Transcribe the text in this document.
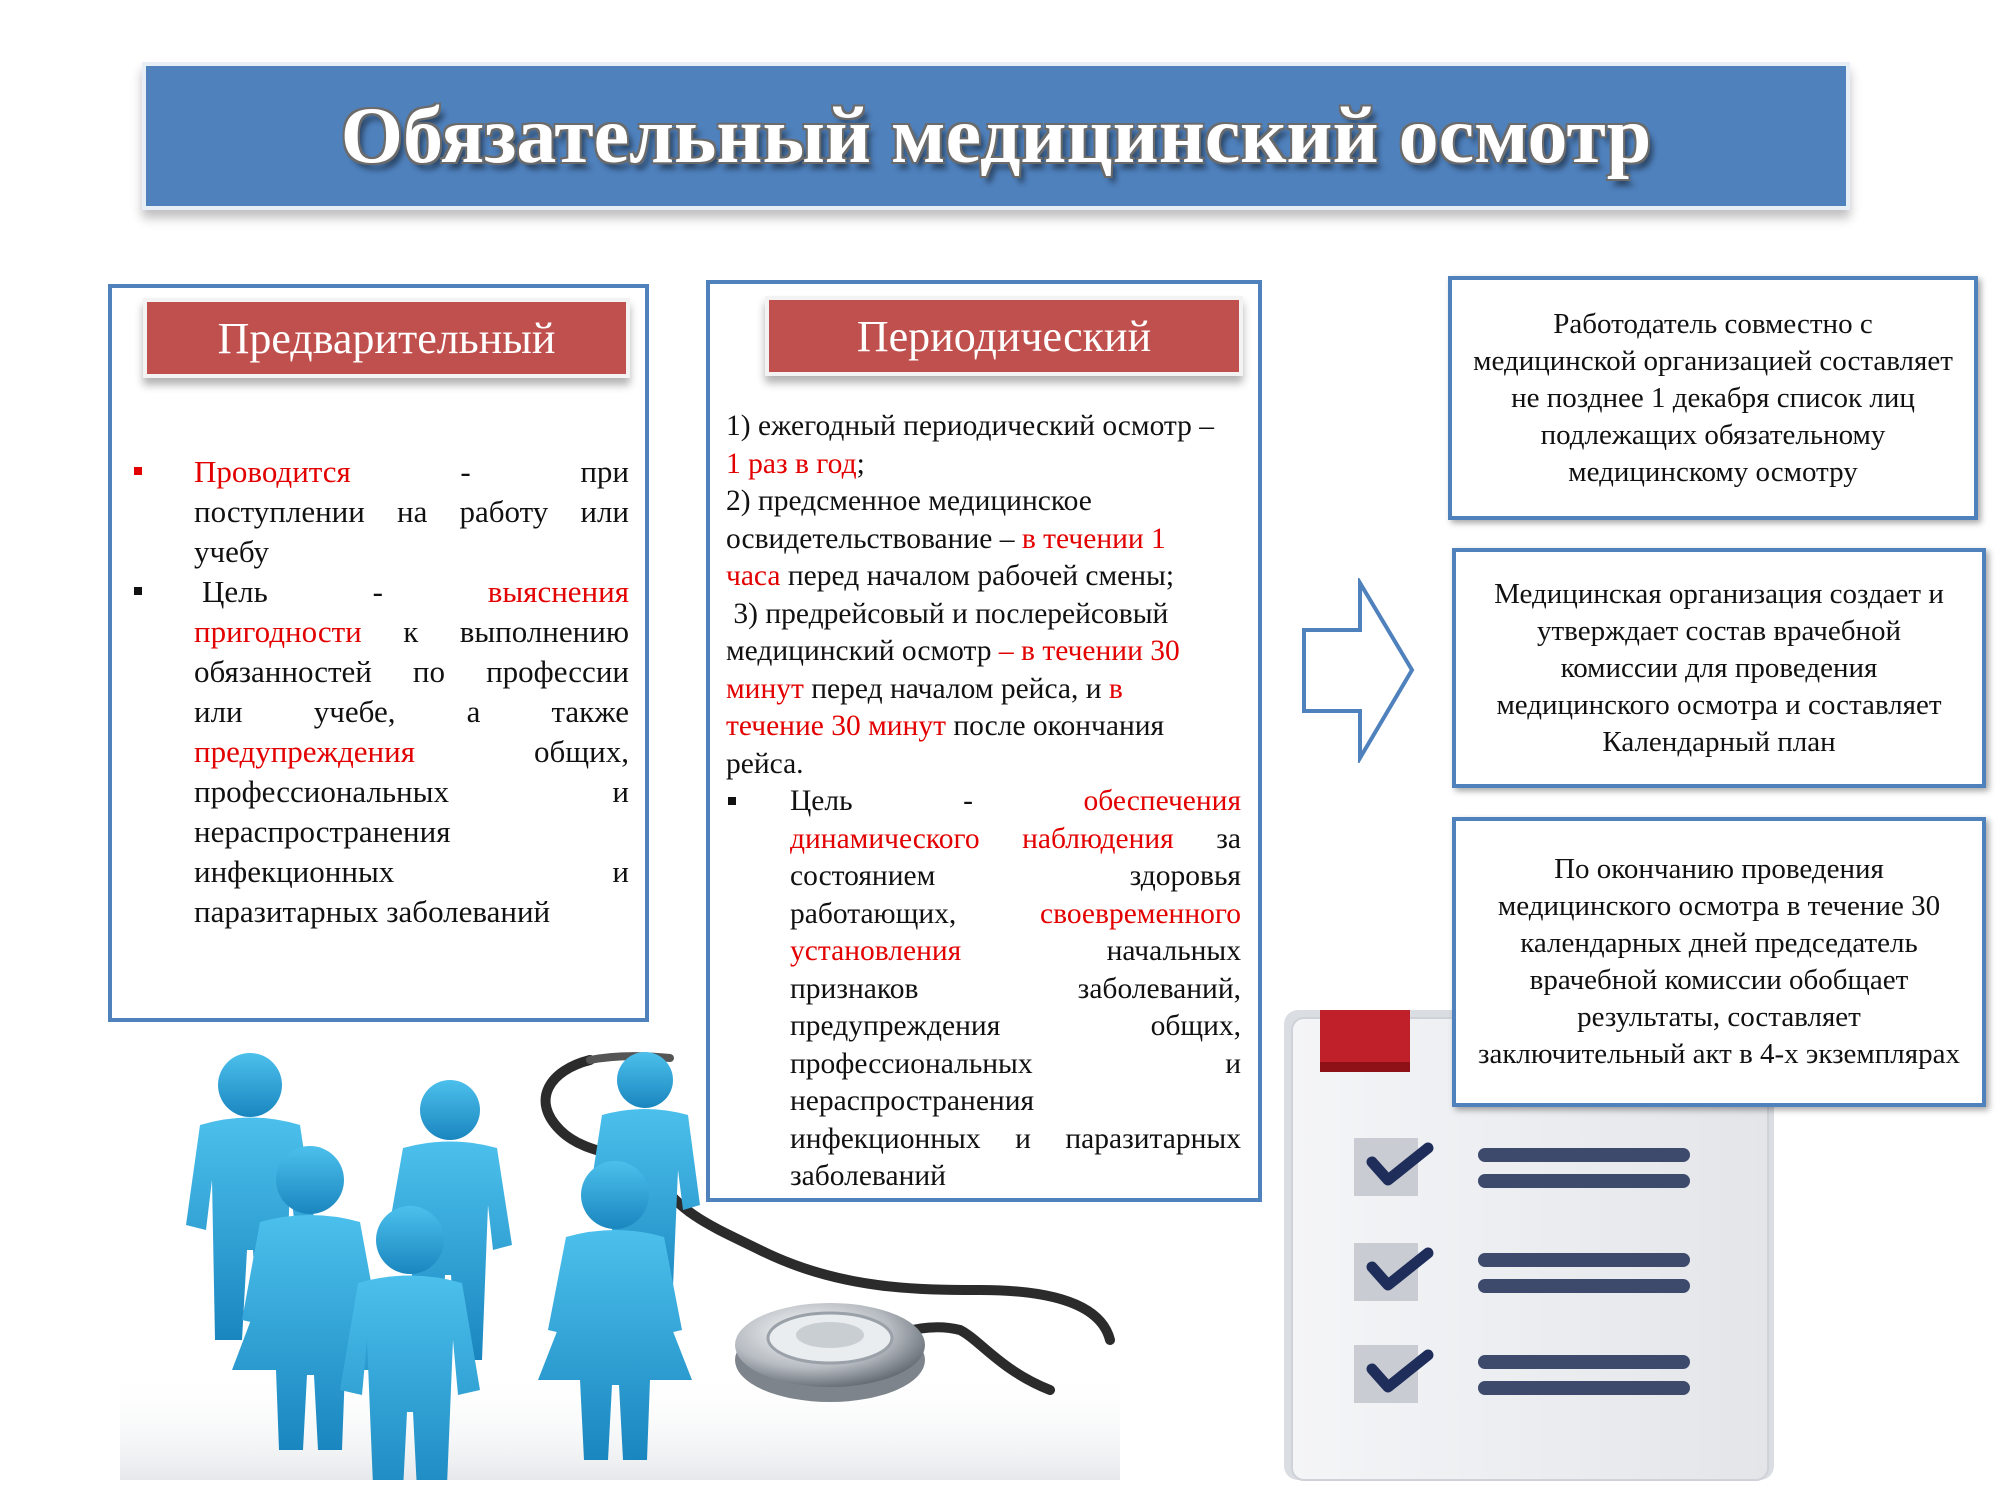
Обязательный медицинский осмотр
Предварительный
Проводится	-	при
поступлении на работу или
учебу
Цель	-	выяснения
пригодности к выполнению
обязанностей по профессии
или учебе, а также
предупреждения	общих,
профессиональных и
нераспространения
инфекционных и
паразитарных заболеваний
Периодический
1) ежегодный периодический осмотр –
1 раз в год;
2) предсменное медицинское
освидетельствование – в течении 1
часа перед началом рабочей смены;
3) предрейсовый и послерейсовый
медицинский осмотр – в течении 30
минут перед началом рейса, и в
течение 30 минут после окончания
рейса.
Цель	-	обеспечения
динамического наблюдения за
состоянием здоровья
работающих,	своевременного
установления	начальных
признаков заболеваний,
предупреждения общих,
профессиональных и
нераспространения
инфекционных и паразитарных
заболеваний
Работодатель совместно с медицинской организацией составляет не позднее 1 декабря список лиц подлежащих обязательному медицинскому осмотру
Медицинская организация создает и утверждает состав врачебной комиссии для проведения медицинского осмотра и составляет Календарный план
По окончанию проведения медицинского осмотра в течение 30 календарных дней председатель врачебной комиссии обобщает результаты, составляет заключительный акт в 4-х экземплярах
